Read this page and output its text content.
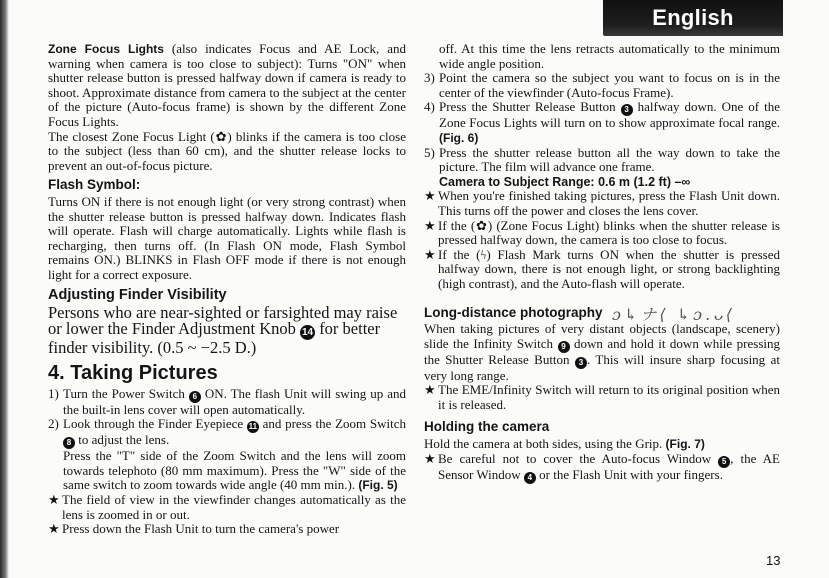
English

Zone Focus Lights (also indicates Focus and AE Lock, and warning when camera is too close to subject): Turns "ON" when shutter release button is pressed halfway down if camera is ready to shoot. Approximate distance from camera to the subject at the center of the picture (Auto-focus frame) is shown by the different Zone Focus Lights.

The closest Zone Focus Light (✿) blinks if the camera is too close to the subject (less than 60 cm), and the shutter release locks to prevent an out-of-focus picture.

Flash Symbol:

Turns ON if there is not enough light (or very strong contrast) when the shutter release button is pressed halfway down. Indicates flash will operate. Flash will charge automatically. Lights while flash is recharging, then turns off. (In Flash ON mode, Flash Symbol remains ON.) BLINKS in Flash OFF mode if there is not enough light for a correct exposure.

Adjusting Finder Visibility

Persons who are near-sighted or farsighted may raise or lower the Finder Adjustment Knob 14 for better finder visibility. (0.5 ~ −2.5 D.)

4. Taking Pictures
1) Turn the Power Switch 6 ON. The flash Unit will swing up and the built-in lens cover will open automatically.
2) Look through the Finder Eyepiece 11 and press the Zoom Switch 8 to adjust the lens.
Press the "T" side of the Zoom Switch and the lens will zoom towards telephoto (80 mm maximum). Press the "W" side of the same switch to zoom towards wide angle (40 mm min.). (Fig. 5)
★ The field of view in the viewfinder changes automatically as the lens is zoomed in or out.
★ Press down the Flash Unit to turn the camera's power

off. At this time the lens retracts automatically to the minimum wide angle position.

3) Point the camera so the subject you want to focus on is in the center of the viewfinder (Auto-focus Frame).
4) Press the Shutter Release Button 3 halfway down. One of the Zone Focus Lights will turn on to show approximate focal range. (Fig. 6)
5) Press the shutter release button all the way down to take the picture. The film will advance one frame.
Camera to Subject Range: 0.6 m (1.2 ft) –∞
★ When you're finished taking pictures, press the Flash Unit down. This turns off the power and closes the lens cover.
★ If the (✿) (Zone Focus Light) blinks when the shutter release is pressed halfway down, the camera is too close to focus.
★ If the (ϟ) Flash Mark turns ON when the shutter is pressed halfway down, there is not enough light, or strong backlighting (high contrast), and the Auto-flash will operate.
Long-distance photography

When taking pictures of very distant objects (landscape, scenery) slide the Infinity Switch 9 down and hold it down while pressing the Shutter Release Button 3 . This will insure sharp focusing at very long range.

★ The EME/Infinity Switch will return to its original position when it is released.
Holding the camera

Hold the camera at both sides, using the Grip. (Fig. 7)

★ Be careful not to cover the Auto-focus Window 5 , the AE Sensor Window 4 or the Flash Unit with your fingers.
ɔ↳ナ⟨ ↳ɔ.ᴗ⟨
13
